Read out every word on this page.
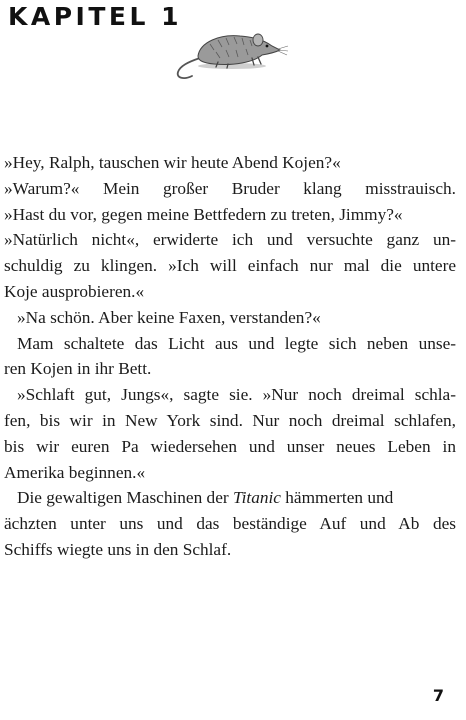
KAPITEL 1
»Hey, Ralph, tauschen wir heute Abend Kojen?«
»Warum?« Mein großer Bruder klang misstrauisch.
»Hast du vor, gegen meine Bettfedern zu treten, Jimmy?«
»Natürlich nicht«, erwiderte ich und versuchte ganz un-
schuldig zu klingen. »Ich will einfach nur mal die untere
Koje ausprobieren.«
»Na schön. Aber keine Faxen, verstanden?«
Mam schaltete das Licht aus und legte sich neben unse-
ren Kojen in ihr Bett.
»Schlaft gut, Jungs«, sagte sie. »Nur noch dreimal schla-
fen, bis wir in New York sind. Nur noch dreimal schlafen,
bis wir euren Pa wiedersehen und unser neues Leben in
Amerika beginnen.«
Die gewaltigen Maschinen der Titanic hämmerten und
ächzten unter uns und das beständige Auf und Ab des
Schiffs wiegte uns in den Schlaf.
7
